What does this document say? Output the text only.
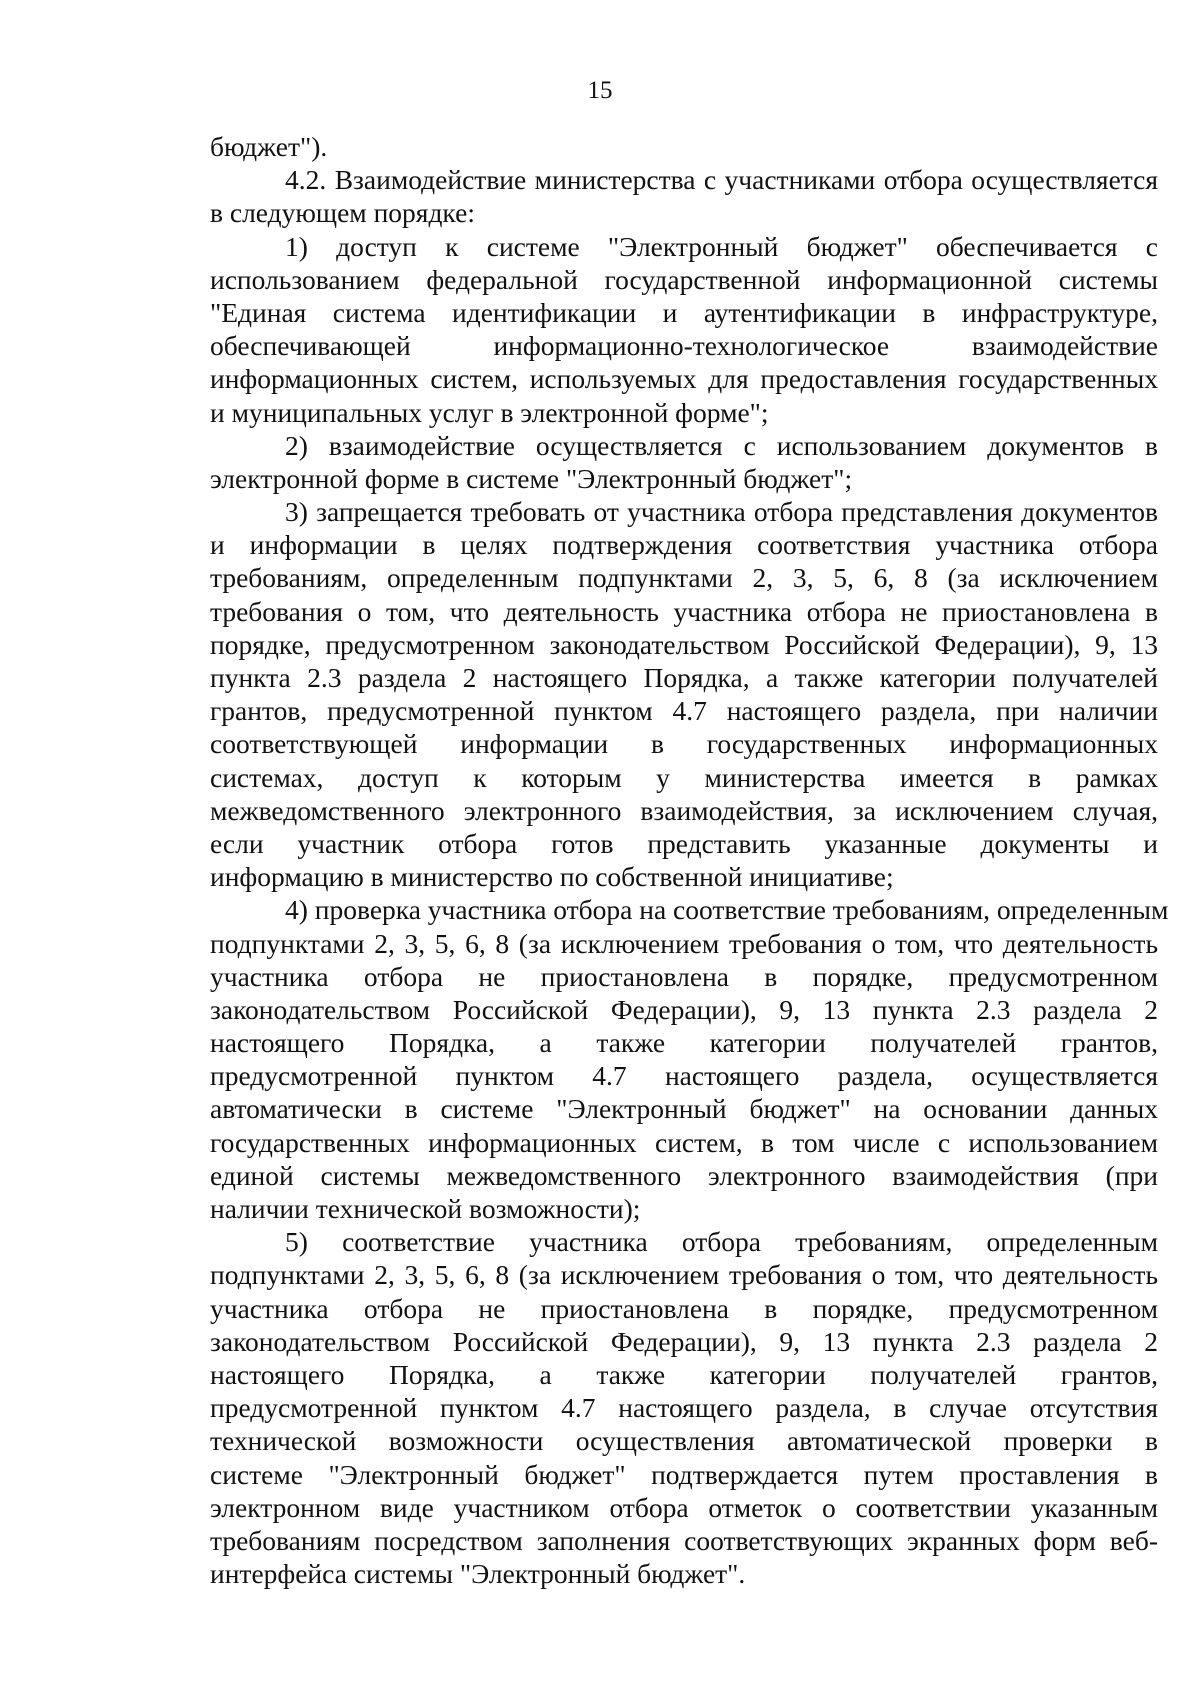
15
бюджет").
4.2. Взаимодействие министерства с участниками отбора осуществляется
в следующем порядке:
1) доступ к системе "Электронный бюджет" обеспечивается с
использованием федеральной государственной информационной системы
"Единая система идентификации и аутентификации в инфраструктуре,
обеспечивающей информационно-технологическое взаимодействие
информационных систем, используемых для предоставления государственных
и муниципальных услуг в электронной форме";
2) взаимодействие осуществляется с использованием документов в
электронной форме в системе "Электронный бюджет";
3) запрещается требовать от участника отбора представления документов
и информации в целях подтверждения соответствия участника отбора
требованиям, определенным подпунктами 2, 3, 5, 6, 8 (за исключением
требования о том, что деятельность участника отбора не приостановлена в
порядке, предусмотренном законодательством Российской Федерации), 9, 13
пункта 2.3 раздела 2 настоящего Порядка, а также категории получателей
грантов, предусмотренной пунктом 4.7 настоящего раздела, при наличии
соответствующей информации в государственных информационных
системах, доступ к которым у министерства имеется в рамках
межведомственного электронного взаимодействия, за исключением случая,
если участник отбора готов представить указанные документы и
информацию в министерство по собственной инициативе;
4) проверка участника отбора на соответствие требованиям, определенным
подпунктами 2, 3, 5, 6, 8 (за исключением требования о том, что деятельность
участника отбора не приостановлена в порядке, предусмотренном
законодательством Российской Федерации), 9, 13 пункта 2.3 раздела 2
настоящего Порядка, а также категории получателей грантов,
предусмотренной пунктом 4.7 настоящего раздела, осуществляется
автоматически в системе "Электронный бюджет" на основании данных
государственных информационных систем, в том числе с использованием
единой системы межведомственного электронного взаимодействия (при
наличии технической возможности);
5) соответствие участника отбора требованиям, определенным
подпунктами 2, 3, 5, 6, 8 (за исключением требования о том, что деятельность
участника отбора не приостановлена в порядке, предусмотренном
законодательством Российской Федерации), 9, 13 пункта 2.3 раздела 2
настоящего Порядка, а также категории получателей грантов,
предусмотренной пунктом 4.7 настоящего раздела, в случае отсутствия
технической возможности осуществления автоматической проверки в
системе "Электронный бюджет" подтверждается путем проставления в
электронном виде участником отбора отметок о соответствии указанным
требованиям посредством заполнения соответствующих экранных форм веб-
интерфейса системы "Электронный бюджет".
